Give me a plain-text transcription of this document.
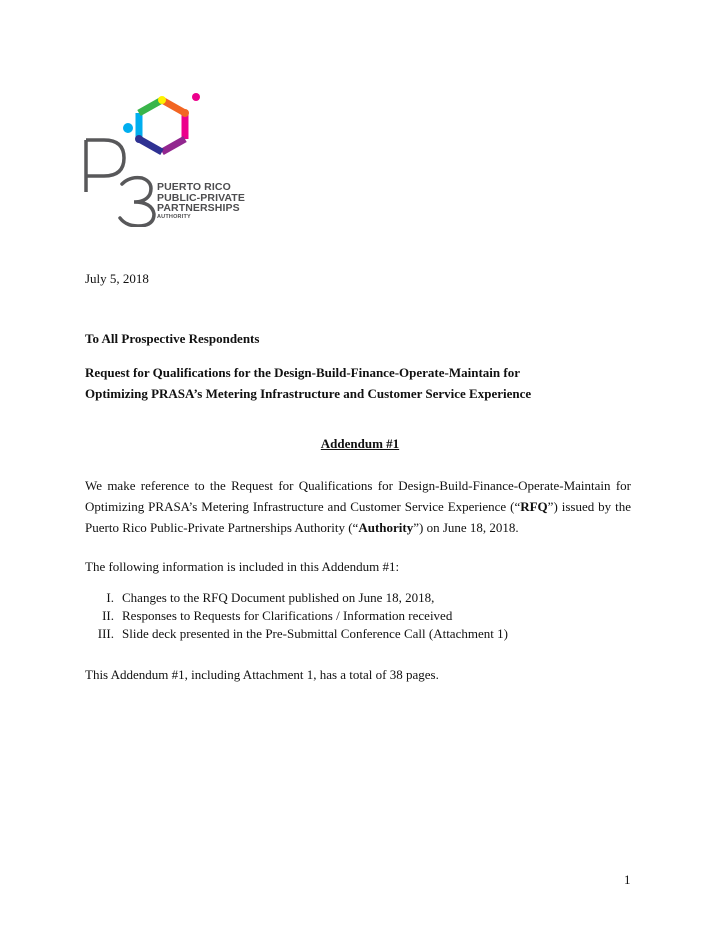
PUERTO RICO
PUBLIC-PRIVATE
PARTNERSHIPS
AUTHORITY
July 5, 2018
To All Prospective Respondents
Request for Qualifications for the Design-Build-Finance-Operate-Maintain for
Optimizing PRASA’s Metering Infrastructure and Customer Service Experience
Addendum #1
We make reference to the Request for Qualifications for Design-Build-Finance-Operate-Maintain for Optimizing PRASA’s Metering Infrastructure and Customer Service Experience (“RFQ”) issued by the Puerto Rico Public-Private Partnerships Authority (“Authority”) on June 18, 2018.
The following information is included in this Addendum #1:
I. Changes to the RFQ Document published on June 18, 2018,
II. Responses to Requests for Clarifications / Information received
III. Slide deck presented in the Pre-Submittal Conference Call (Attachment 1)
This Addendum #1, including Attachment 1, has a total of 38 pages.
1
